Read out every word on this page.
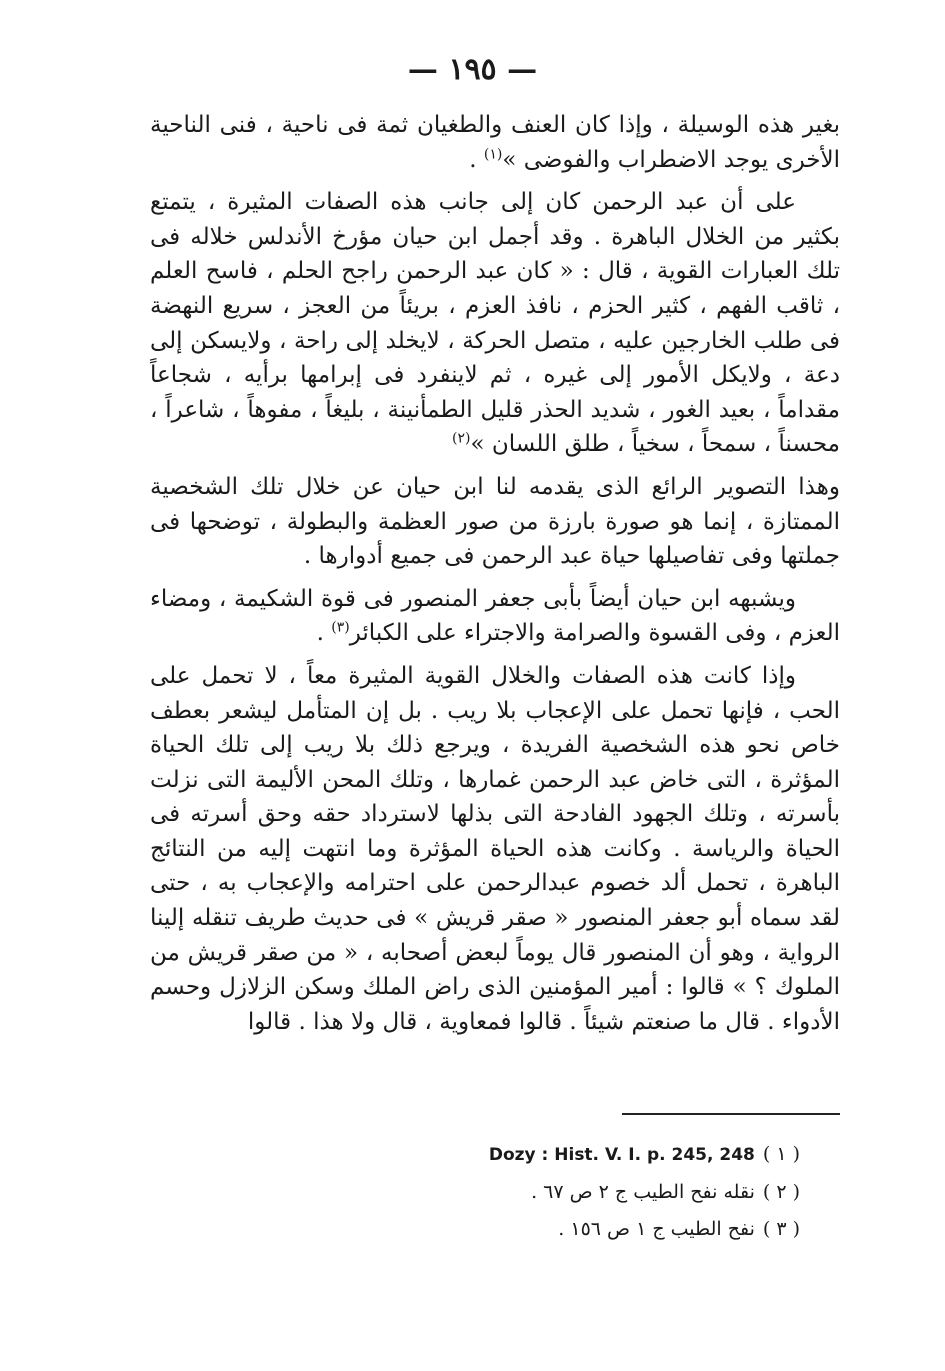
— ١٩٥ —

بغير هذه الوسيلة ، وإذا كان العنف والطغيان ثمة فى ناحية ، فنى الناحية الأخرى يوجد الاضطراب والفوضى »$^{(١)}$ .

على أن عبد الرحمن كان إلى جانب هذه الصفات المثيرة ، يتمتع بكثير من الخلال الباهرة . وقد أجمل ابن حيان مؤرخ الأندلس خلاله فى تلك العبارات القوية ، قال : « كان عبد الرحمن راجح الحلم ، فاسح العلم ، ثاقب الفهم ، كثير الحزم ، نافذ العزم ، بريئاً من العجز ، سريع النهضة فى طلب الخارجين عليه ، متصل الحركة ، لايخلد إلى راحة ، ولايسكن إلى دعة ، ولايكل الأمور إلى غيره ، ثم لاينفرد فى إبرامها برأيه ، شجاعاً مقداماً ، بعيد الغور ، شديد الحذر قليل الطمأنينة ، بليغاً ، مفوهاً ، شاعراً ، محسناً ، سمحاً ، سخياً ، طلق اللسان »$^{(٢)}$

وهذا التصوير الرائع الذى يقدمه لنا ابن حيان عن خلال تلك الشخصية الممتازة ، إنما هو صورة بارزة من صور العظمة والبطولة ، توضحها فى جملتها وفى تفاصيلها حياة عبد الرحمن فى جميع أدوارها .

ويشبهه ابن حيان أيضاً بأبى جعفر المنصور فى قوة الشكيمة ، ومضاء العزم ، وفى القسوة والصرامة والاجتراء على الكبائر$^{(٣)}$ .

وإذا كانت هذه الصفات والخلال القوية المثيرة معاً ، لا تحمل على الحب ، فإنها تحمل على الإعجاب بلا ريب . بل إن المتأمل ليشعر بعطف خاص نحو هذه الشخصية الفريدة ، ويرجع ذلك بلا ريب إلى تلك الحياة المؤثرة ، التى خاض عبد الرحمن غمارها ، وتلك المحن الأليمة التى نزلت بأسرته ، وتلك الجهود الفادحة التى بذلها لاسترداد حقه وحق أسرته فى الحياة والرياسة . وكانت هذه الحياة المؤثرة وما انتهت إليه من النتائج الباهرة ، تحمل ألد خصوم عبدالرحمن على احترامه والإعجاب به ، حتى لقد سماه أبو جعفر المنصور « صقر قريش » فى حديث طريف تنقله إلينا الرواية ، وهو أن المنصور قال يوماً لبعض أصحابه ، « من صقر قريش من الملوك ؟ » قالوا : أمير المؤمنين الذى راض الملك وسكن الزلازل وحسم الأدواء . قال ما صنعتم شيئاً . قالوا فمعاوية ، قال ولا هذا . قالوا

( ١ )Dozy : Hist. V. I. p. 245, 248
( ٢ )نقله نفح الطيب ج ٢ ص ٦٧ .
( ٣ )نفح الطيب ج ١ ص ١٥٦ .
